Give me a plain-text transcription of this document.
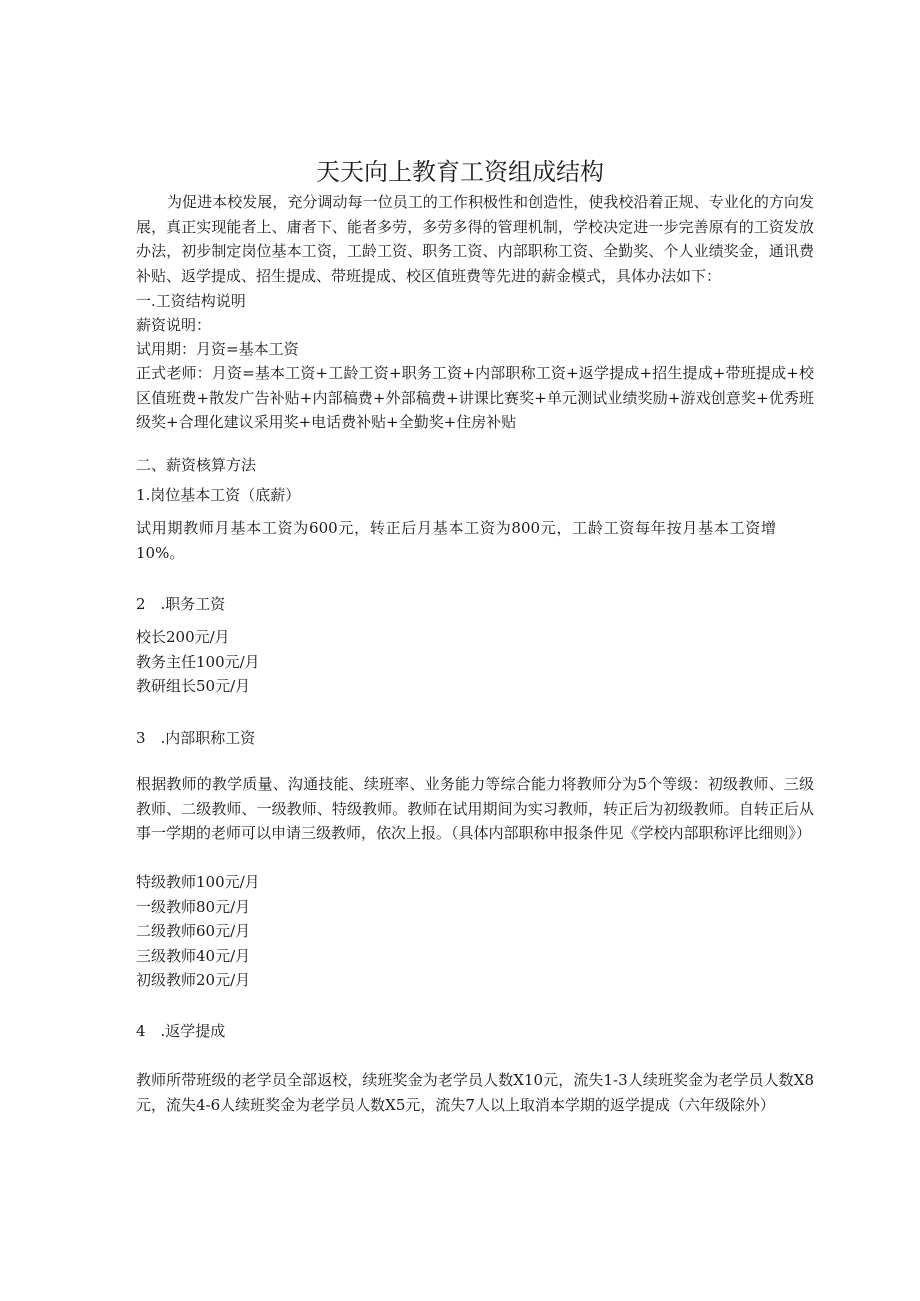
天天向上教育工资组成结构

为促进本校发展，充分调动每一位员工的工作积极性和创造性，使我校沿着正规、专业化的方向发展，真正实现能者上、庸者下、能者多劳，多劳多得的管理机制，学校决定进一步完善原有的工资发放办法，初步制定岗位基本工资，工龄工资、职务工资、内部职称工资、全勤奖、个人业绩奖金，通讯费补贴、返学提成、招生提成、带班提成、校区值班费等先进的薪金模式，具体办法如下：

一.工资结构说明

薪资说明：

试用期：月资=基本工资

正式老师：月资=基本工资+工龄工资+职务工资+内部职称工资+返学提成+招生提成+带班提成+校区值班费+散发广告补贴+内部稿费+外部稿费+讲课比赛奖+单元测试业绩奖励+游戏创意奖+优秀班级奖+合理化建议采用奖+电话费补贴+全勤奖+住房补贴

二、薪资核算方法

1.岗位基本工资（底薪）

试用期教师月基本工资为600元，转正后月基本工资为800元，工龄工资每年按月基本工资增10%。

2　.职务工资

校长200元/月
教务主任100元/月
教研组长50元/月

3　.内部职称工资

根据教师的教学质量、沟通技能、续班率、业务能力等综合能力将教师分为5个等级：初级教师、三级教师、二级教师、一级教师、特级教师。教师在试用期间为实习教师，转正后为初级教师。自转正后从事一学期的老师可以申请三级教师，依次上报。（具体内部职称申报条件见《学校内部职称评比细则》）

特级教师100元/月
一级教师80元/月
二级教师60元/月
三级教师40元/月
初级教师20元/月

4　.返学提成

教师所带班级的老学员全部返校，续班奖金为老学员人数X10元，流失1-3人续班奖金为老学员人数X8元，流失4-6人续班奖金为老学员人数X5元，流失7人以上取消本学期的返学提成（六年级除外）
